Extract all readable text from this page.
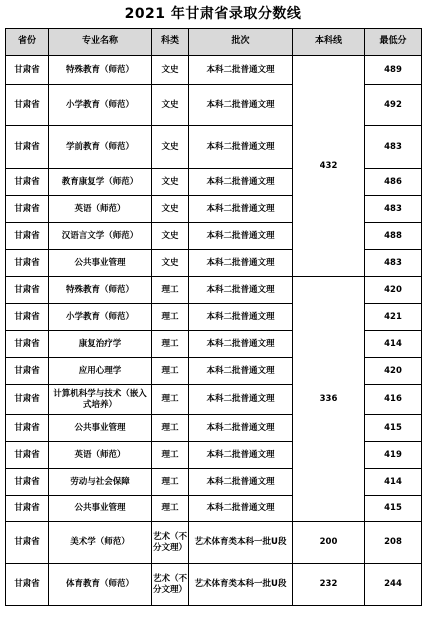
2021 年甘肃省录取分数线
省份	专业名称	科类	批次	本科线	最低分
甘肃省	特殊教育（师范）	文史	本科二批普通文理	432	489
甘肃省	小学教育（师范）	文史	本科二批普通文理		492
甘肃省	学前教育（师范）	文史	本科二批普通文理		483
甘肃省	教育康复学（师范）	文史	本科二批普通文理		486
甘肃省	英语（师范）	文史	本科二批普通文理		483
甘肃省	汉语言文学（师范）	文史	本科二批普通文理		488
甘肃省	公共事业管理	文史	本科二批普通文理		483
甘肃省	特殊教育（师范）	理工	本科二批普通文理	336	420
甘肃省	小学教育（师范）	理工	本科二批普通文理		421
甘肃省	康复治疗学	理工	本科二批普通文理		414
甘肃省	应用心理学	理工	本科二批普通文理		420
甘肃省	计算机科学与技术（嵌入式培养）	理工	本科二批普通文理		416
甘肃省	公共事业管理	理工	本科二批普通文理		415
甘肃省	英语（师范）	理工	本科二批普通文理		419
甘肃省	劳动与社会保障	理工	本科二批普通文理		414
甘肃省	公共事业管理	理工	本科二批普通文理		415
甘肃省	美术学（师范）	艺术（不分文理）	艺术体育类本科一批U段	200	208
甘肃省	体育教育（师范）	艺术（不分文理）	艺术体育类本科一批U段	232	244
